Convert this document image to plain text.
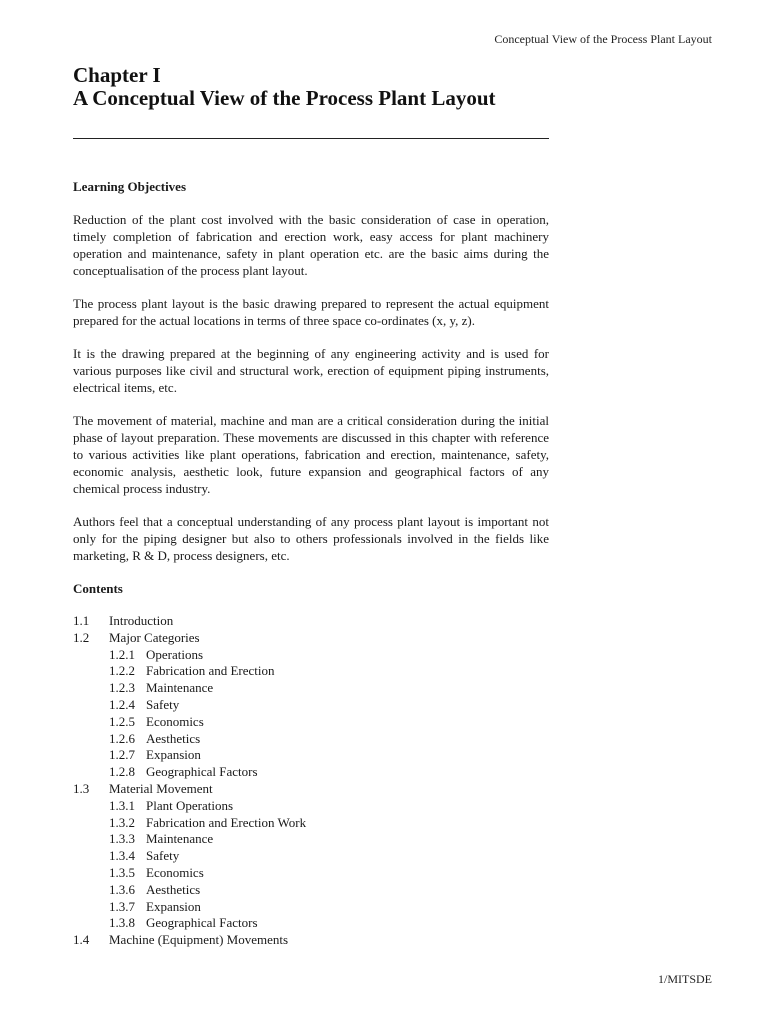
Conceptual View of the Process Plant Layout
Chapter I
A Conceptual View of the Process Plant Layout
Learning Objectives

Reduction of the plant cost involved with the basic consideration of case in operation, timely completion of fabrication and erection work, easy access for plant machinery operation and maintenance, safety in plant operation etc. are the basic aims during the conceptualisation of the process plant layout.

The process plant layout is the basic drawing prepared to represent the actual equipment prepared for the actual locations in terms of three space co-ordinates (x, y, z).

It is the drawing prepared at the beginning of any engineering activity and is used for various purposes like civil and structural work, erection of equipment piping instruments, electrical items, etc.

The movement of material, machine and man are a critical consideration during the initial phase of layout preparation. These movements are discussed in this chapter with reference to various activities like plant operations, fabrication and erection, maintenance, safety, economic analysis, aesthetic look, future expansion and geographical factors of any chemical process industry.

Authors feel that a conceptual understanding of any process plant layout is important not only for the piping designer but also to others professionals involved in the fields like marketing, R & D, process designers, etc.

Contents
1.1	Introduction
1.2	Major Categories
1.2.1 Operations
1.2.2 Fabrication and Erection
1.2.3 Maintenance
1.2.4 Safety
1.2.5 Economics
1.2.6 Aesthetics
1.2.7 Expansion
1.2.8 Geographical Factors
1.3	Material Movement
1.3.1 Plant Operations
1.3.2 Fabrication and Erection Work
1.3.3 Maintenance
1.3.4 Safety
1.3.5 Economics
1.3.6 Aesthetics
1.3.7 Expansion
1.3.8 Geographical Factors
1.4	Machine (Equipment) Movements
1/MITSDE
